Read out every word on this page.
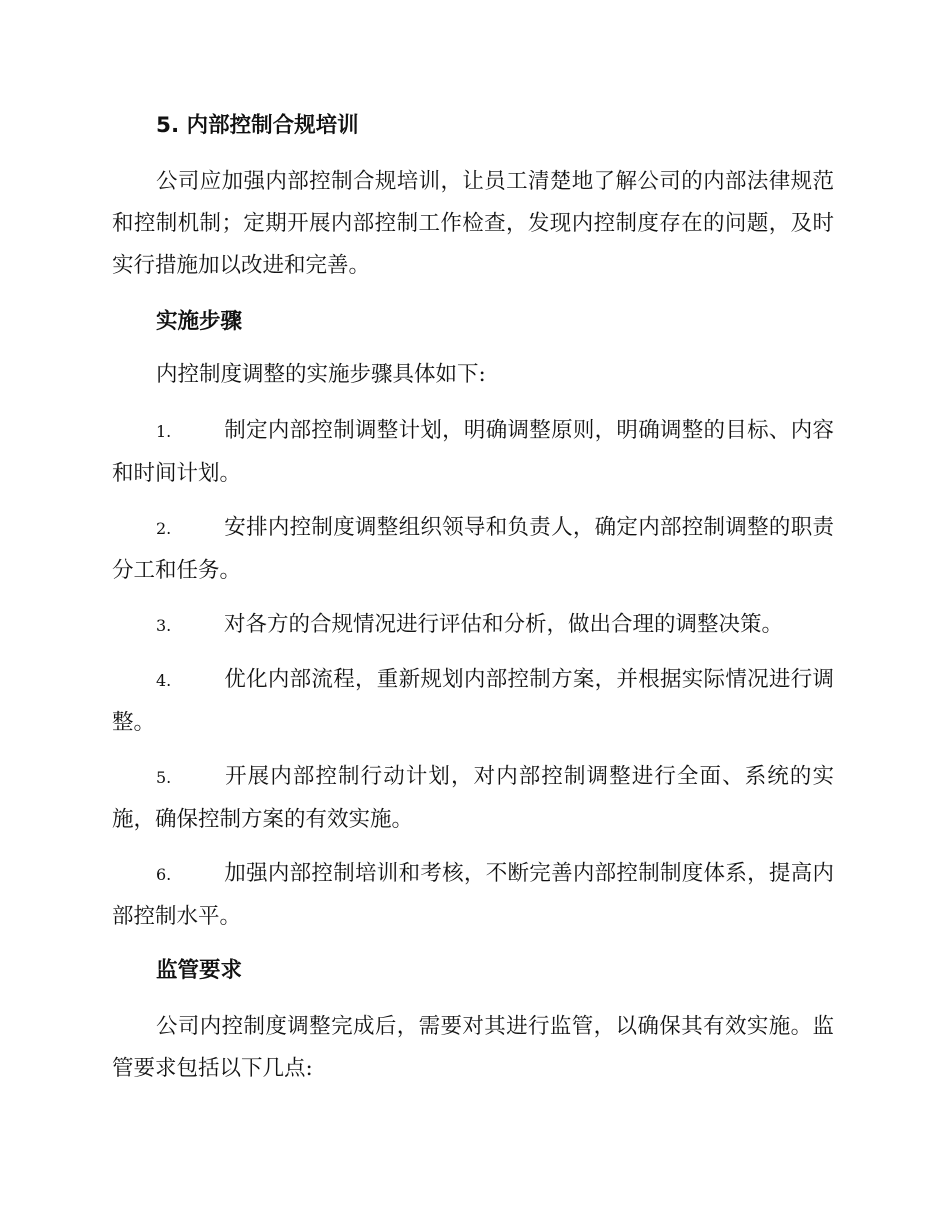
5. 内部控制合规培训

公司应加强内部控制合规培训，让员工清楚地了解公司的内部法律规范和控制机制；定期开展内部控制工作检查，发现内控制度存在的问题，及时实行措施加以改进和完善。

实施步骤

内控制度调整的实施步骤具体如下:

1. 制定内部控制调整计划，明确调整原则，明确调整的目标、内容和时间计划。

2. 安排内控制度调整组织领导和负责人，确定内部控制调整的职责分工和任务。

3. 对各方的合规情况进行评估和分析，做出合理的调整决策。

4. 优化内部流程，重新规划内部控制方案，并根据实际情况进行调整。

5. 开展内部控制行动计划，对内部控制调整进行全面、系统的实施，确保控制方案的有效实施。

6. 加强内部控制培训和考核，不断完善内部控制制度体系，提高内部控制水平。

监管要求

公司内控制度调整完成后，需要对其进行监管，以确保其有效实施。监管要求包括以下几点:
